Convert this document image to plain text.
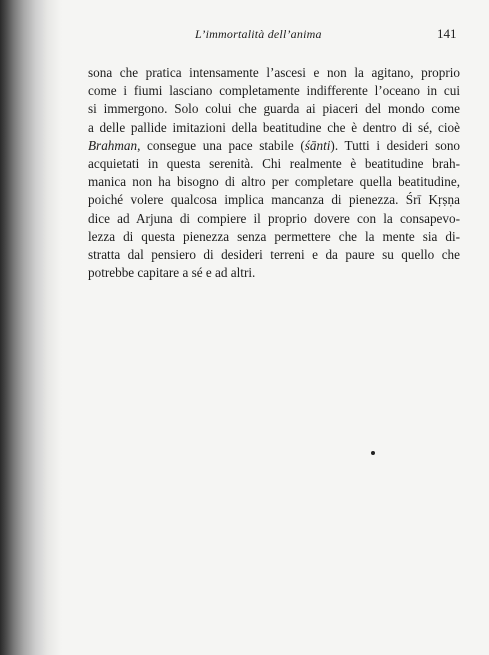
L’immortalità dell’anima	141
sona che pratica intensamente l’ascesi e non la agitano, proprio
come i fiumi lasciano completamente indifferente l’oceano in cui
si immergono. Solo colui che guarda ai piaceri del mondo come
a delle pallide imitazioni della beatitudine che è dentro di sé, cioè
Brahman, consegue una pace stabile (śānti). Tutti i desideri sono
acquietati in questa serenità. Chi realmente è beatitudine brah-
manica non ha bisogno di altro per completare quella beatitudine,
poiché volere qualcosa implica mancanza di pienezza. Śrī Kṛṣṇa
dice ad Arjuna di compiere il proprio dovere con la consapevo-
lezza di questa pienezza senza permettere che la mente sia di-
stratta dal pensiero di desideri terreni e da paure su quello che
potrebbe capitare a sé e ad altri.
